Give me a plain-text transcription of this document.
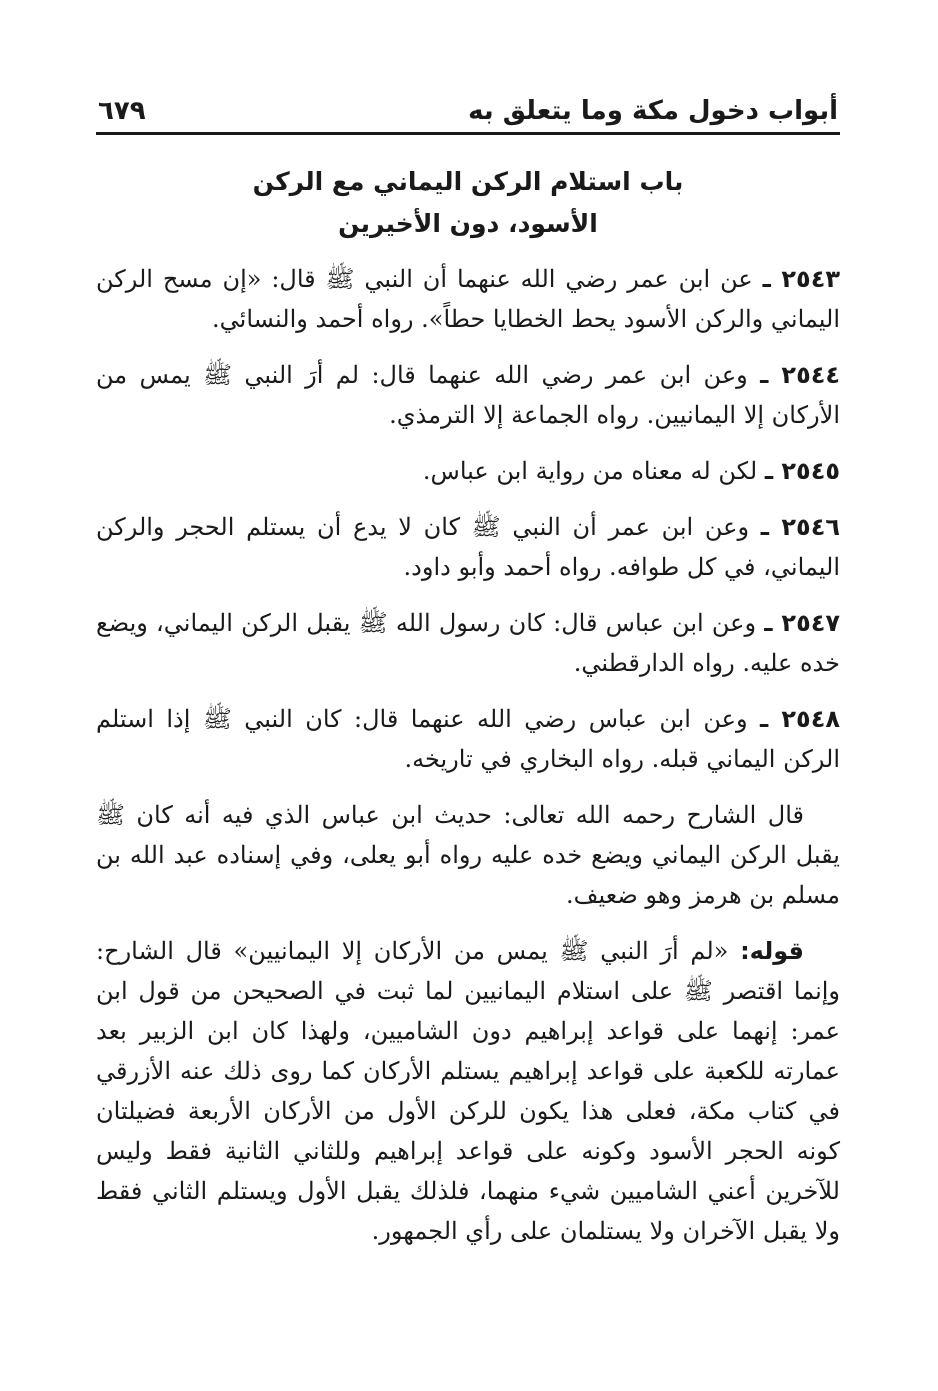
أبواب دخول مكة وما يتعلق به
٦٧٩
باب استلام الركن اليماني مع الركن
الأسود، دون الأخيرين

٢٥٤٣ ـ عن ابن عمر رضي الله عنهما أن النبي ﷺ قال: «إن مسح الركن اليماني والركن الأسود يحط الخطايا حطاً». رواه أحمد والنسائي.

٢٥٤٤ ـ وعن ابن عمر رضي الله عنهما قال: لم أرَ النبي ﷺ يمس من الأركان إلا اليمانيين. رواه الجماعة إلا الترمذي.

٢٥٤٥ ـ لكن له معناه من رواية ابن عباس.

٢٥٤٦ ـ وعن ابن عمر أن النبي ﷺ كان لا يدع أن يستلم الحجر والركن اليماني، في كل طوافه. رواه أحمد وأبو داود.

٢٥٤٧ ـ وعن ابن عباس قال: كان رسول الله ﷺ يقبل الركن اليماني، ويضع خده عليه. رواه الدارقطني.

٢٥٤٨ ـ وعن ابن عباس رضي الله عنهما قال: كان النبي ﷺ إذا استلم الركن اليماني قبله. رواه البخاري في تاريخه.

قال الشارح رحمه الله تعالى: حديث ابن عباس الذي فيه أنه كان ﷺ يقبل الركن اليماني ويضع خده عليه رواه أبو يعلى، وفي إسناده عبد الله بن مسلم بن هرمز وهو ضعيف.

قوله: «لم أرَ النبي ﷺ يمس من الأركان إلا اليمانيين» قال الشارح: وإنما اقتصر ﷺ على استلام اليمانيين لما ثبت في الصحيحن من قول ابن عمر: إنهما على قواعد إبراهيم دون الشاميين، ولهذا كان ابن الزبير بعد عمارته للكعبة على قواعد إبراهيم يستلم الأركان كما روى ذلك عنه الأزرقي في كتاب مكة، فعلى هذا يكون للركن الأول من الأركان الأربعة فضيلتان كونه الحجر الأسود وكونه على قواعد إبراهيم وللثاني الثانية فقط وليس للآخرين أعني الشاميين شيء منهما، فلذلك يقبل الأول ويستلم الثاني فقط ولا يقبل الآخران ولا يستلمان على رأي الجمهور.
